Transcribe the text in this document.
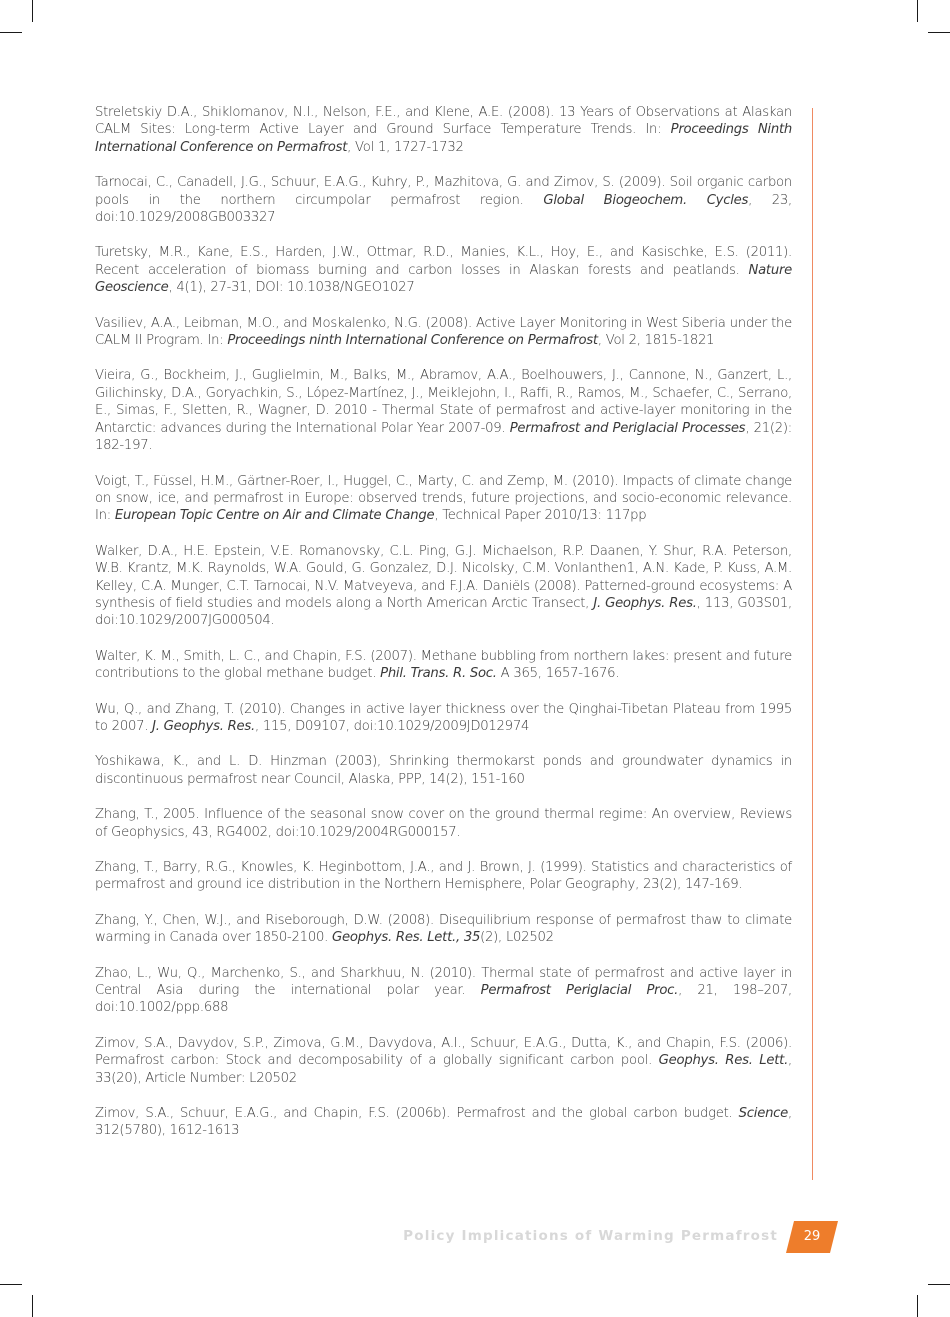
Streletskiy D.A., Shiklomanov, N.I., Nelson, F.E., and Klene, A.E. (2008). 13 Years of Observations at Alaskan CALM Sites: Long-term Active Layer and Ground Surface Temperature Trends. In: Proceedings Ninth International Conference on Permafrost, Vol 1, 1727-1732

Tarnocai, C., Canadell, J.G., Schuur, E.A.G., Kuhry, P., Mazhitova, G. and Zimov, S. (2009). Soil organic carbon pools in the northern circumpolar permafrost region. Global Biogeochem. Cycles, 23, doi:10.1029/2008GB003327

Turetsky, M.R., Kane, E.S., Harden, J.W., Ottmar, R.D., Manies, K.L., Hoy, E., and Kasischke, E.S. (2011). Recent acceleration of biomass burning and carbon losses in Alaskan forests and peatlands. Nature Geoscience, 4(1), 27-31, DOI: 10.1038/NGEO1027

Vasiliev, A.A., Leibman, M.O., and Moskalenko, N.G. (2008). Active Layer Monitoring in West Siberia under the CALM II Program. In: Proceedings ninth International Conference on Permafrost, Vol 2, 1815-1821

Vieira, G., Bockheim, J., Guglielmin, M., Balks, M., Abramov, A.A., Boelhouwers, J., Cannone, N., Ganzert, L., Gilichinsky, D.A., Goryachkin, S., López-Martínez, J., Meiklejohn, I., Raffi, R., Ramos, M., Schaefer, C., Serrano, E., Simas, F., Sletten, R., Wagner, D. 2010 - Thermal State of permafrost and active-layer monitoring in the Antarctic: advances during the International Polar Year 2007-09. Permafrost and Periglacial Processes, 21(2): 182-197.

Voigt, T., Füssel, H.M., Gärtner-Roer, I., Huggel, C., Marty, C. and Zemp, M. (2010). Impacts of climate change on snow, ice, and permafrost in Europe: observed trends, future projections, and socio-economic relevance. In: European Topic Centre on Air and Climate Change, Technical Paper 2010/13: 117pp

Walker, D.A., H.E. Epstein, V.E. Romanovsky, C.L. Ping, G.J. Michaelson, R.P. Daanen, Y. Shur, R.A. Peterson, W.B. Krantz, M.K. Raynolds, W.A. Gould, G. Gonzalez, D.J. Nicolsky, C.M. Vonlanthen1, A.N. Kade, P. Kuss, A.M. Kelley, C.A. Munger, C.T. Tarnocai, N.V. Matveyeva, and F.J.A. Daniëls (2008). Patterned-ground ecosystems: A synthesis of field studies and models along a North American Arctic Transect, J. Geophys. Res., 113, G03S01, doi:10.1029/2007JG000504.

Walter, K. M., Smith, L. C., and Chapin, F.S. (2007). Methane bubbling from northern lakes: present and future contributions to the global methane budget. Phil. Trans. R. Soc. A 365, 1657-1676.

Wu, Q., and Zhang, T. (2010). Changes in active layer thickness over the Qinghai-Tibetan Plateau from 1995 to 2007. J. Geophys. Res., 115, D09107, doi:10.1029/2009JD012974

Yoshikawa, K., and L. D. Hinzman (2003), Shrinking thermokarst ponds and groundwater dynamics in discontinuous permafrost near Council, Alaska, PPP, 14(2), 151-160

Zhang, T., 2005. Influence of the seasonal snow cover on the ground thermal regime: An overview, Reviews of Geophysics, 43, RG4002, doi:10.1029/2004RG000157.

Zhang, T., Barry, R.G., Knowles, K. Heginbottom, J.A., and J. Brown, J. (1999). Statistics and characteristics of permafrost and ground ice distribution in the Northern Hemisphere, Polar Geography, 23(2), 147-169.

Zhang, Y., Chen, W.J., and Riseborough, D.W. (2008). Disequilibrium response of permafrost thaw to climate warming in Canada over 1850-2100. Geophys. Res. Lett., 35(2), L02502

Zhao, L., Wu, Q., Marchenko, S., and Sharkhuu, N. (2010). Thermal state of permafrost and active layer in Central Asia during the international polar year. Permafrost Periglacial Proc., 21, 198–207, doi:10.1002/ppp.688

Zimov, S.A., Davydov, S.P., Zimova, G.M., Davydova, A.I., Schuur, E.A.G., Dutta, K., and Chapin, F.S. (2006). Permafrost carbon: Stock and decomposability of a globally significant carbon pool. Geophys. Res. Lett., 33(20), Article Number: L20502

Zimov, S.A., Schuur, E.A.G., and Chapin, F.S. (2006b). Permafrost and the global carbon budget. Science, 312(5780), 1612-1613

Policy Implications of Warming Permafrost	29
